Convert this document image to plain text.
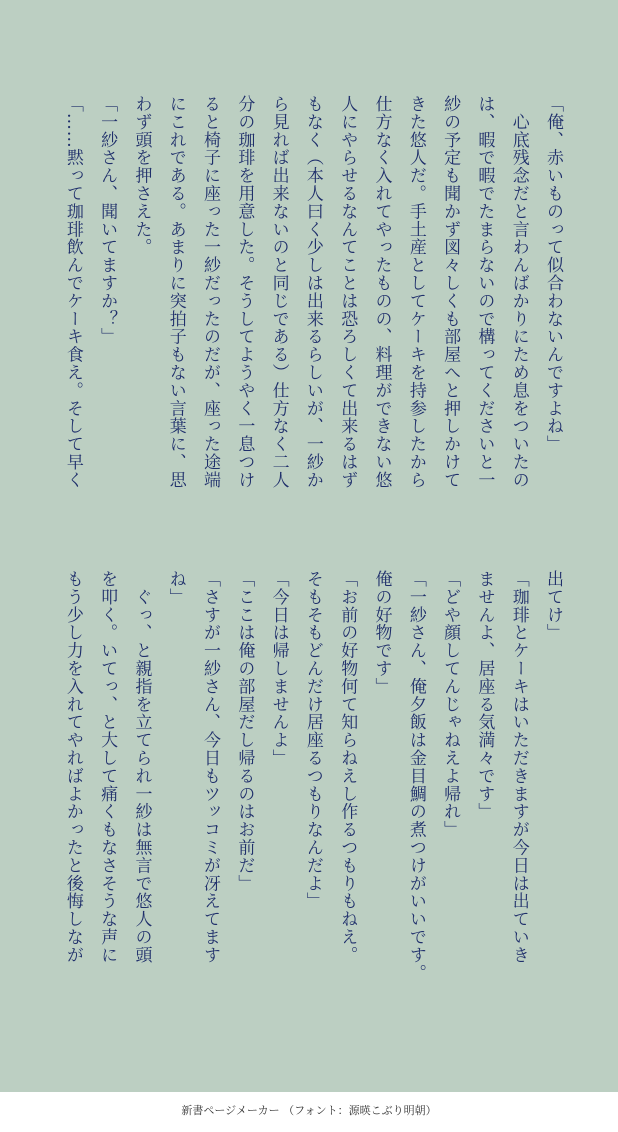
「俺、赤いものって似合わないんですよね」
　心底残念だと言わんばかりにため息をついたの
は、暇で暇でたまらないので構ってくださいと一
紗の予定も聞かず図々しくも部屋へと押しかけて
きた悠人だ。手土産としてケーキを持参したから
仕方なく入れてやったものの、料理ができない悠
人にやらせるなんてことは恐ろしくて出来るはず
もなく（本人曰く少しは出来るらしいが、一紗か
ら見れば出来ないのと同じである）仕方なく二人
分の珈琲を用意した。そうしてようやく一息つけ
ると椅子に座った一紗だったのだが、座った途端
にこれである。あまりに突拍子もない言葉に、思
わず頭を押さえた。
「一紗さん、聞いてますか？」
「……黙って珈琲飲んでケーキ食え。そして早く
出てけ」
「珈琲とケーキはいただきますが今日は出ていき
ませんよ、居座る気満々です」
「どや顔してんじゃねえよ帰れ」
「一紗さん、俺夕飯は金目鯛の煮つけがいいです。
俺の好物です」
「お前の好物何て知らねえし作るつもりもねえ。
そもそもどんだけ居座るつもりなんだよ」
「今日は帰しませんよ」
「ここは俺の部屋だし帰るのはお前だ」
「さすが一紗さん、今日もツッコミが冴えてます
ね」
　ぐっ、と親指を立てられ一紗は無言で悠人の頭
を叩く。いてっ、と大して痛くもなさそうな声に
もう少し力を入れてやればよかったと後悔しなが
新書ページメーカー （フォント：源暎こぶり明朝）
